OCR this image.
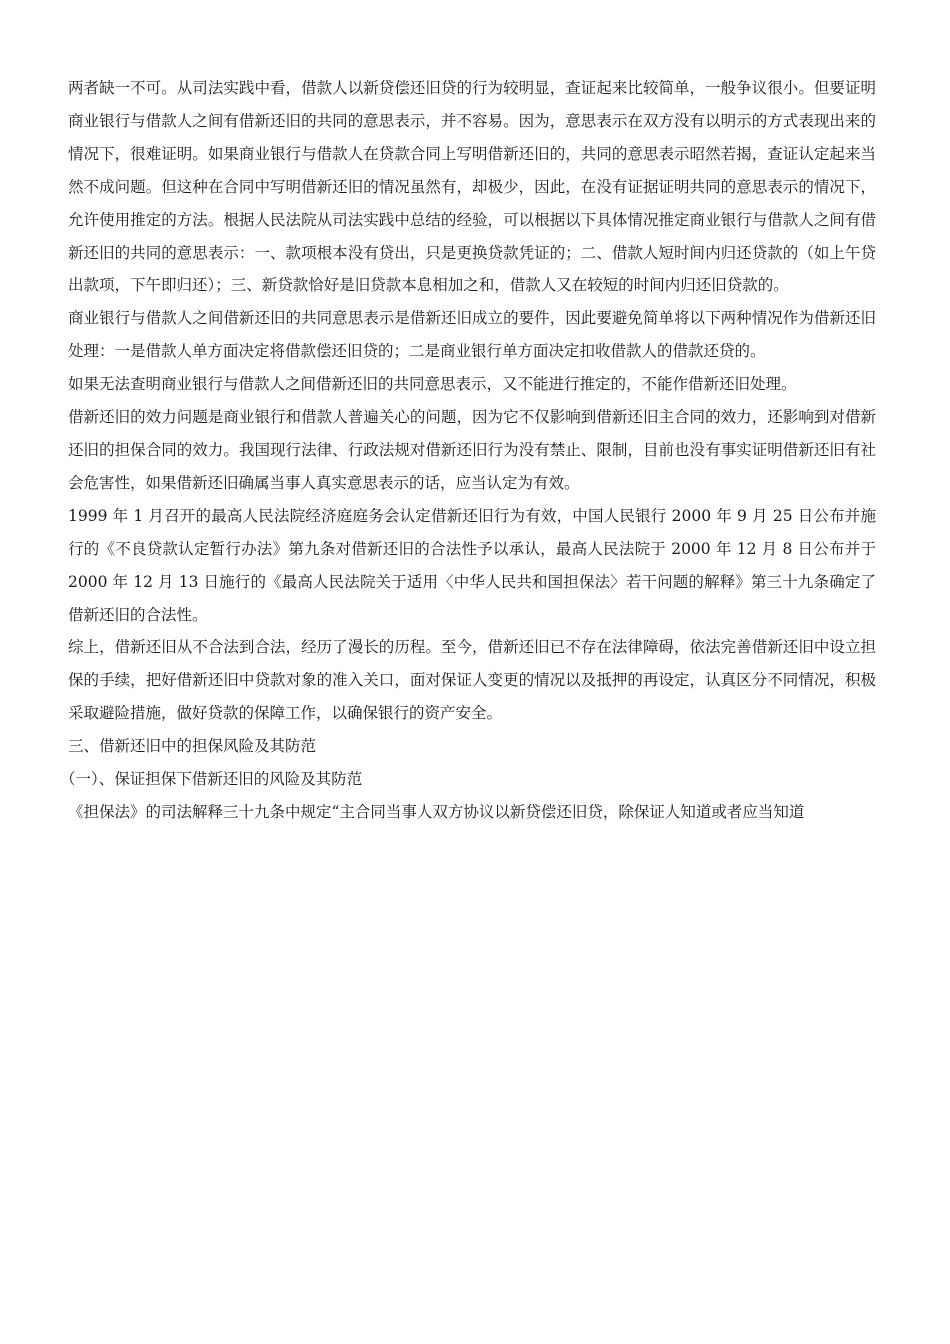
两者缺一不可。从司法实践中看，借款人以新贷偿还旧贷的行为较明显，查证起来比较简单，一般争议很小。但要证明商业银行与借款人之间有借新还旧的共同的意思表示，并不容易。因为，意思表示在双方没有以明示的方式表现出来的情况下，很难证明。如果商业银行与借款人在贷款合同上写明借新还旧的，共同的意思表示昭然若揭，查证认定起来当然不成问题。但这种在合同中写明借新还旧的情况虽然有，却极少，因此，在没有证据证明共同的意思表示的情况下，允许使用推定的方法。根据人民法院从司法实践中总结的经验，可以根据以下具体情况推定商业银行与借款人之间有借新还旧的共同的意思表示：一、款项根本没有贷出，只是更换贷款凭证的；二、借款人短时间内归还贷款的（如上午贷出款项，下午即归还）；三、新贷款恰好是旧贷款本息相加之和，借款人又在较短的时间内归还旧贷款的。

商业银行与借款人之间借新还旧的共同意思表示是借新还旧成立的要件，因此要避免简单将以下两种情况作为借新还旧处理：一是借款人单方面决定将借款偿还旧贷的；二是商业银行单方面决定扣收借款人的借款还贷的。

如果无法查明商业银行与借款人之间借新还旧的共同意思表示，又不能进行推定的，不能作借新还旧处理。

借新还旧的效力问题是商业银行和借款人普遍关心的问题，因为它不仅影响到借新还旧主合同的效力，还影响到对借新还旧的担保合同的效力。我国现行法律、行政法规对借新还旧行为没有禁止、限制，目前也没有事实证明借新还旧有社会危害性，如果借新还旧确属当事人真实意思表示的话，应当认定为有效。

1999 年 1 月召开的最高人民法院经济庭庭务会认定借新还旧行为有效，中国人民银行 2000 年 9 月 25 日公布并施行的《不良贷款认定暂行办法》第九条对借新还旧的合法性予以承认，最高人民法院于 2000 年 12 月 8 日公布并于 2000 年 12 月 13 日施行的《最高人民法院关于适用〈中华人民共和国担保法〉若干问题的解释》第三十九条确定了借新还旧的合法性。

综上，借新还旧从不合法到合法，经历了漫长的历程。至今，借新还旧已不存在法律障碍，依法完善借新还旧中设立担保的手续，把好借新还旧中贷款对象的准入关口，面对保证人变更的情况以及抵押的再设定，认真区分不同情况，积极采取避险措施，做好贷款的保障工作，以确保银行的资产安全。

三、借新还旧中的担保风险及其防范

（一）、保证担保下借新还旧的风险及其防范

《担保法》的司法解释三十九条中规定“主合同当事人双方协议以新贷偿还旧贷，除保证人知道或者应当知道
